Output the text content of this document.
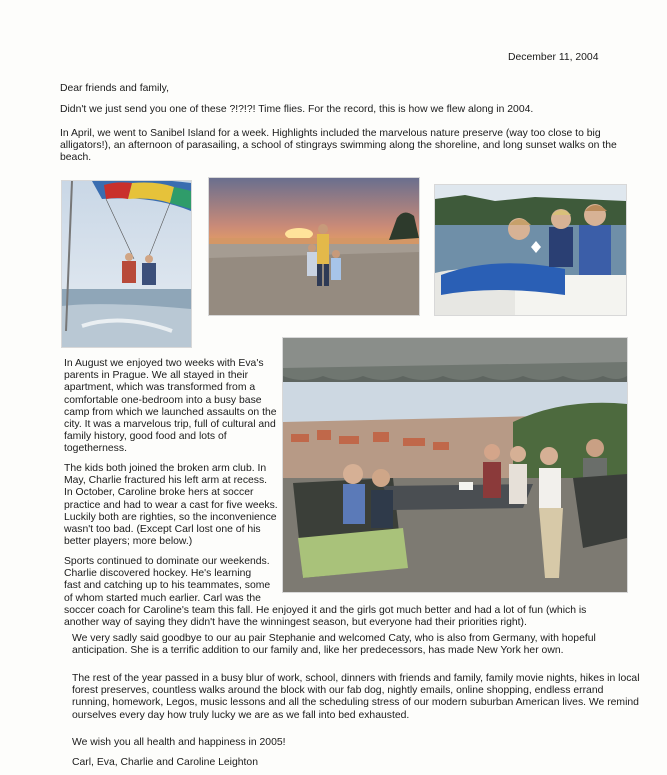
December 11, 2004

Dear friends and family,

Didn't we just send you one of these ?!?!?! Time flies. For the record, this is how we flew along in 2004.

In April, we went to Sanibel Island for a week. Highlights included the marvelous nature preserve (way too close to big alligators!), an afternoon of parasailing, a school of stingrays swimming along the shoreline, and long sunset walks on the beach.

In August we enjoyed two weeks with Eva's parents in Prague. We all stayed in their apartment, which was transformed from a comfortable one-bedroom into a busy base camp from which we launched assaults on the city. It was a marvelous trip, full of cultural and family history, good food and lots of togetherness.

The kids both joined the broken arm club. In May, Charlie fractured his left arm at recess. In October, Caroline broke hers at soccer practice and had to wear a cast for five weeks. Luckily both are righties, so the inconvenience wasn't too bad. (Except Carl lost one of his better players; more below.)

Sports continued to dominate our weekends.
Charlie discovered hockey. He's learning
fast and catching up to his teammates, some
of whom started much earlier. Carl was the
soccer coach for Caroline's team this fall. He enjoyed it and the girls got much better and had a lot of fun (which is
another way of saying they didn't have the winningest season, but everyone had their priorities right).

We very sadly said goodbye to our au pair Stephanie and welcomed Caty, who is also from Germany, with hopeful anticipation. She is a terrific addition to our family and, like her predecessors, has made New York her own.

The rest of the year passed in a busy blur of work, school, dinners with friends and family, family movie nights, hikes in local forest preserves, countless walks around the block with our fab dog, nightly emails, online shopping, endless errand running, homework, Legos, music lessons and all the scheduling stress of our modern suburban American lives. We remind ourselves every day how truly lucky we are as we fall into bed exhausted.

We wish you all health and happiness in 2005!

Carl, Eva, Charlie and Caroline Leighton
